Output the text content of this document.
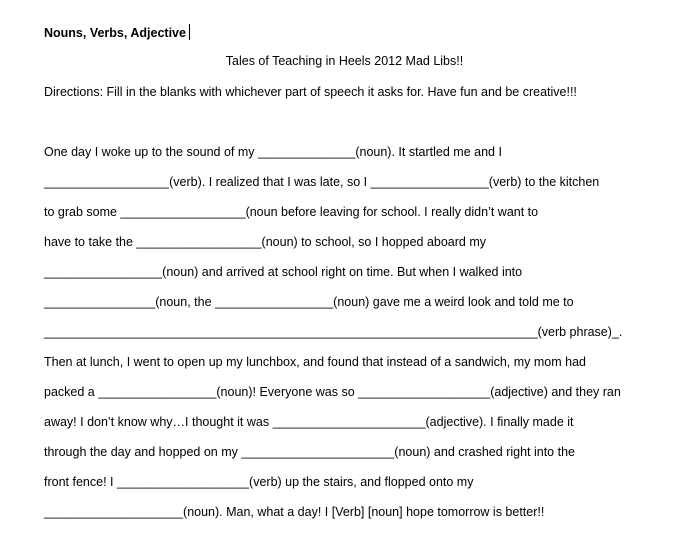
Nouns, Verbs, Adjective
Tales of Teaching in Heels 2012 Mad Libs!!
Directions: Fill in the blanks with whichever part of speech it asks for. Have fun and be creative!!!
One day I woke up to the sound of my ______________(noun). It startled me and I
__________________(verb). I realized that I was late, so I _________________(verb) to the kitchen
to grab some __________________(noun before leaving for school. I really didn’t want to
have to take the __________________(noun) to school, so I hopped aboard my
_________________(noun) and arrived at school right on time. But when I walked into
________________(noun, the _________________(noun) gave me a weird look and told me to
_______________________________________________________________________(verb phrase)_.
Then at lunch, I went to open up my lunchbox, and found that instead of a sandwich, my mom had
packed a _________________(noun)! Everyone was so ___________________(adjective) and they ran
away! I don’t know why…I thought it was ______________________(adjective). I finally made it
through the day and hopped on my ______________________(noun) and crashed right into the
front fence! I ___________________(verb) up the stairs, and flopped onto my
____________________(noun). Man, what a day! I [Verb] [noun] hope tomorrow is better!!
